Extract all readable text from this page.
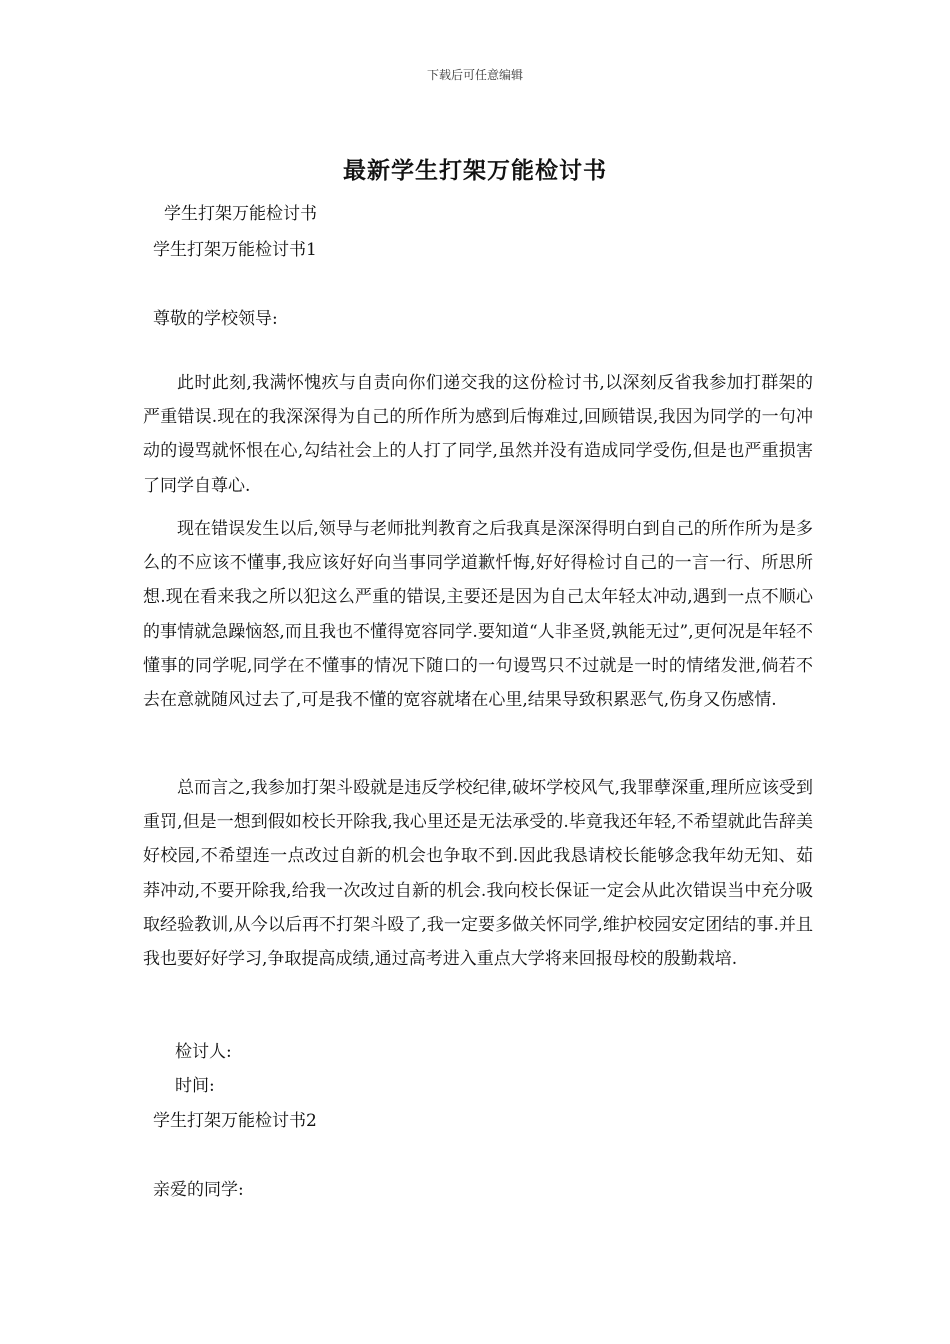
下载后可任意编辑
最新学生打架万能检讨书
学生打架万能检讨书
学生打架万能检讨书1
尊敬的学校领导:

此时此刻,我满怀愧疚与自责向你们递交我的这份检讨书,以深刻反省我参加打群架的严重错误.现在的我深深得为自己的所作所为感到后悔难过,回顾错误,我因为同学的一句冲动的谩骂就怀恨在心,勾结社会上的人打了同学,虽然并没有造成同学受伤,但是也严重损害了同学自尊心.

现在错误发生以后,领导与老师批判教育之后我真是深深得明白到自己的所作所为是多么的不应该不懂事,我应该好好向当事同学道歉忏悔,好好得检讨自己的一言一行、所思所想.现在看来我之所以犯这么严重的错误,主要还是因为自己太年轻太冲动,遇到一点不顺心的事情就急躁恼怒,而且我也不懂得宽容同学.要知道“人非圣贤,孰能无过”,更何况是年轻不懂事的同学呢,同学在不懂事的情况下随口的一句谩骂只不过就是一时的情绪发泄,倘若不去在意就随风过去了,可是我不懂的宽容就堵在心里,结果导致积累恶气,伤身又伤感情.

总而言之,我参加打架斗殴就是违反学校纪律,破坏学校风气,我罪孽深重,理所应该受到重罚,但是一想到假如校长开除我,我心里还是无法承受的.毕竟我还年轻,不希望就此告辞美好校园,不希望连一点改过自新的机会也争取不到.因此我恳请校长能够念我年幼无知、茹莽冲动,不要开除我,给我一次改过自新的机会.我向校长保证一定会从此次错误当中充分吸取经验教训,从今以后再不打架斗殴了,我一定要多做关怀同学,维护校园安定团结的事.并且我也要好好学习,争取提高成绩,通过高考进入重点大学将来回报母校的殷勤栽培.

检讨人:
时间:
学生打架万能检讨书2
亲爱的同学:
